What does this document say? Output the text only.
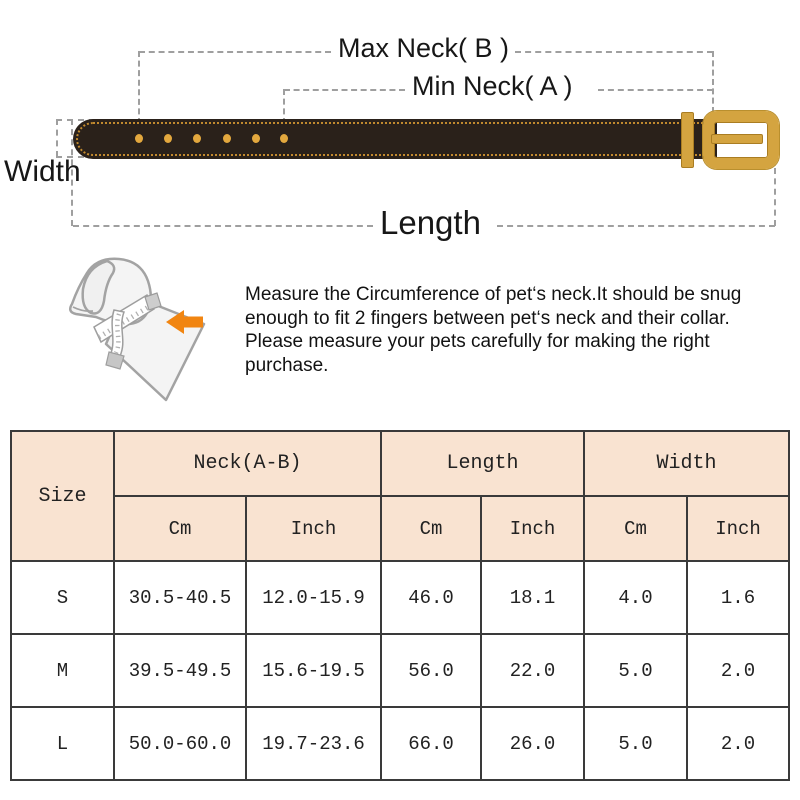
Max Neck( B )
Min Neck( A )
Width
Length
Measure the Circumference of pet‘s neck.It should be snug
enough to fit 2 fingers between pet‘s neck and their collar.
Please measure your pets carefully for making the right
purchase.
Size	Neck(A-B)		Length		Width	
	Cm	Inch	Cm	Inch	Cm	Inch
S	30.5-40.5	12.0-15.9	46.0	18.1	4.0	1.6
M	39.5-49.5	15.6-19.5	56.0	22.0	5.0	2.0
L	50.0-60.0	19.7-23.6	66.0	26.0	5.0	2.0
